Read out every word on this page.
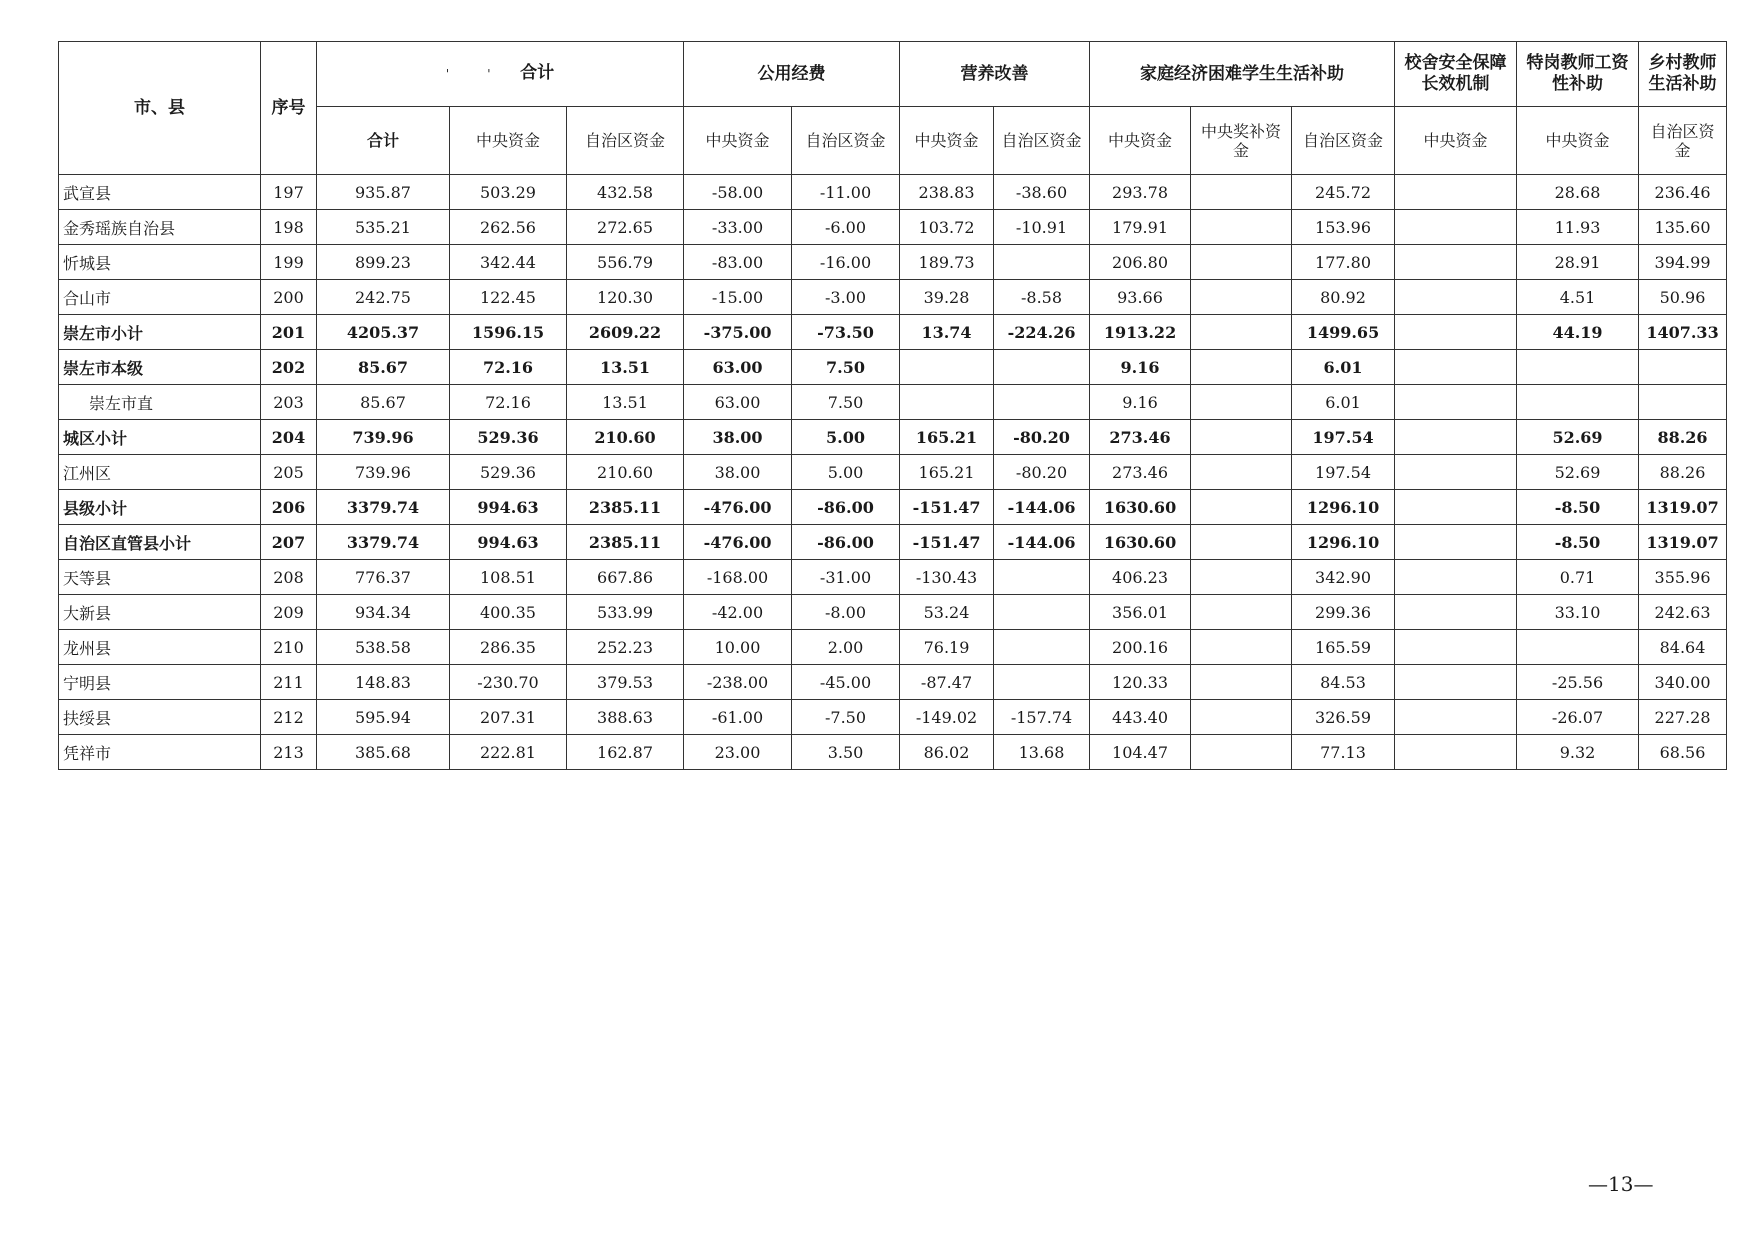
市、县	序号	'          ' 合计			公用经费		营养改善		家庭经济困难学生生活补助			校舍安全保障长效机制	特岗教师工资性补助	乡村教师生活补助
		合计	中央资金	自治区资金	中央资金	自治区资金	中央资金	自治区资金	中央资金	中央奖补资金	自治区资金	中央资金	中央资金	自治区资金
武宣县	197	935.87	503.29	432.58	-58.00	-11.00	238.83	-38.60	293.78		245.72		28.68	236.46
金秀瑶族自治县	198	535.21	262.56	272.65	-33.00	-6.00	103.72	-10.91	179.91		153.96		11.93	135.60
忻城县	199	899.23	342.44	556.79	-83.00	-16.00	189.73		206.80		177.80		28.91	394.99
合山市	200	242.75	122.45	120.30	-15.00	-3.00	39.28	-8.58	93.66		80.92		4.51	50.96
崇左市小计	201	4205.37	1596.15	2609.22	-375.00	-73.50	13.74	-224.26	1913.22		1499.65		44.19	1407.33
崇左市本级	202	85.67	72.16	13.51	63.00	7.50			9.16		6.01			
崇左市直	203	85.67	72.16	13.51	63.00	7.50			9.16		6.01			
城区小计	204	739.96	529.36	210.60	38.00	5.00	165.21	-80.20	273.46		197.54		52.69	88.26
江州区	205	739.96	529.36	210.60	38.00	5.00	165.21	-80.20	273.46		197.54		52.69	88.26
县级小计	206	3379.74	994.63	2385.11	-476.00	-86.00	-151.47	-144.06	1630.60		1296.10		-8.50	1319.07
自治区直管县小计	207	3379.74	994.63	2385.11	-476.00	-86.00	-151.47	-144.06	1630.60		1296.10		-8.50	1319.07
天等县	208	776.37	108.51	667.86	-168.00	-31.00	-130.43		406.23		342.90		0.71	355.96
大新县	209	934.34	400.35	533.99	-42.00	-8.00	53.24		356.01		299.36		33.10	242.63
龙州县	210	538.58	286.35	252.23	10.00	2.00	76.19		200.16		165.59			84.64
宁明县	211	148.83	-230.70	379.53	-238.00	-45.00	-87.47		120.33		84.53		-25.56	340.00
扶绥县	212	595.94	207.31	388.63	-61.00	-7.50	-149.02	-157.74	443.40		326.59		-26.07	227.28
凭祥市	213	385.68	222.81	162.87	23.00	3.50	86.02	13.68	104.47		77.13		9.32	68.56
—13—
